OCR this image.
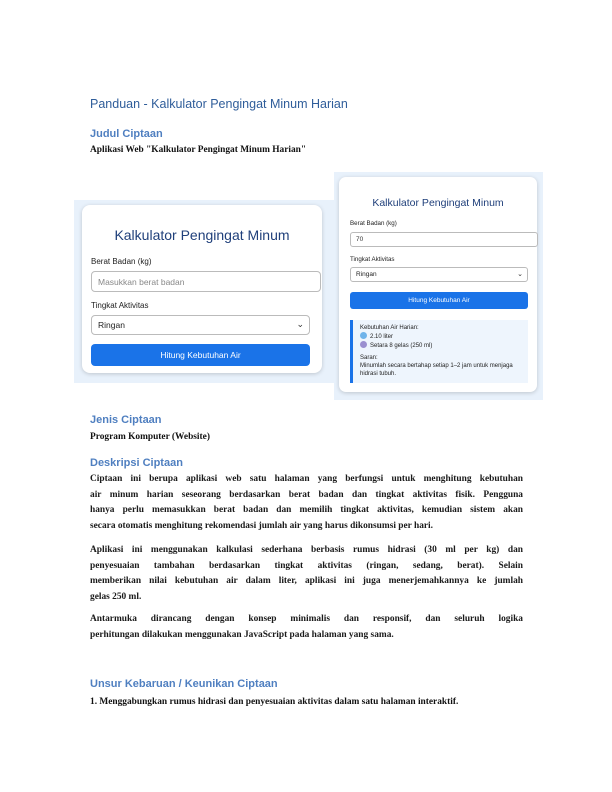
Panduan - Kalkulator Pengingat Minum Harian
Judul Ciptaan
Aplikasi Web "Kalkulator Pengingat Minum Harian"
Kalkulator Pengingat Minum
Berat Badan (kg)
Masukkan berat badan
Tingkat Aktivitas
Ringan	⌄
Hitung Kebutuhan Air
Kalkulator Pengingat Minum
Berat Badan (kg)
70
Tingkat Aktivitas
Ringan	⌄
Hitung Kebutuhan Air
Kebutuhan Air Harian:
2.10 liter
Setara 8 gelas (250 ml)
Saran:
Minumlah secara bertahap setiap 1–2 jam untuk menjaga hidrasi tubuh.
Jenis Ciptaan
Program Komputer (Website)
Deskripsi Ciptaan
Ciptaan ini berupa aplikasi web satu halaman yang berfungsi untuk menghitung kebutuhan
air minum harian seseorang berdasarkan berat badan dan tingkat aktivitas fisik. Pengguna
hanya perlu memasukkan berat badan dan memilih tingkat aktivitas, kemudian sistem akan
secara otomatis menghitung rekomendasi jumlah air yang harus dikonsumsi per hari.
Aplikasi ini menggunakan kalkulasi sederhana berbasis rumus hidrasi (30 ml per kg) dan
penyesuaian tambahan berdasarkan tingkat aktivitas (ringan, sedang, berat). Selain
memberikan nilai kebutuhan air dalam liter, aplikasi ini juga menerjemahkannya ke jumlah
gelas 250 ml.
Antarmuka dirancang dengan konsep minimalis dan responsif, dan seluruh logika
perhitungan dilakukan menggunakan JavaScript pada halaman yang sama.
Unsur Kebaruan / Keunikan Ciptaan
1. Menggabungkan rumus hidrasi dan penyesuaian aktivitas dalam satu halaman interaktif.
